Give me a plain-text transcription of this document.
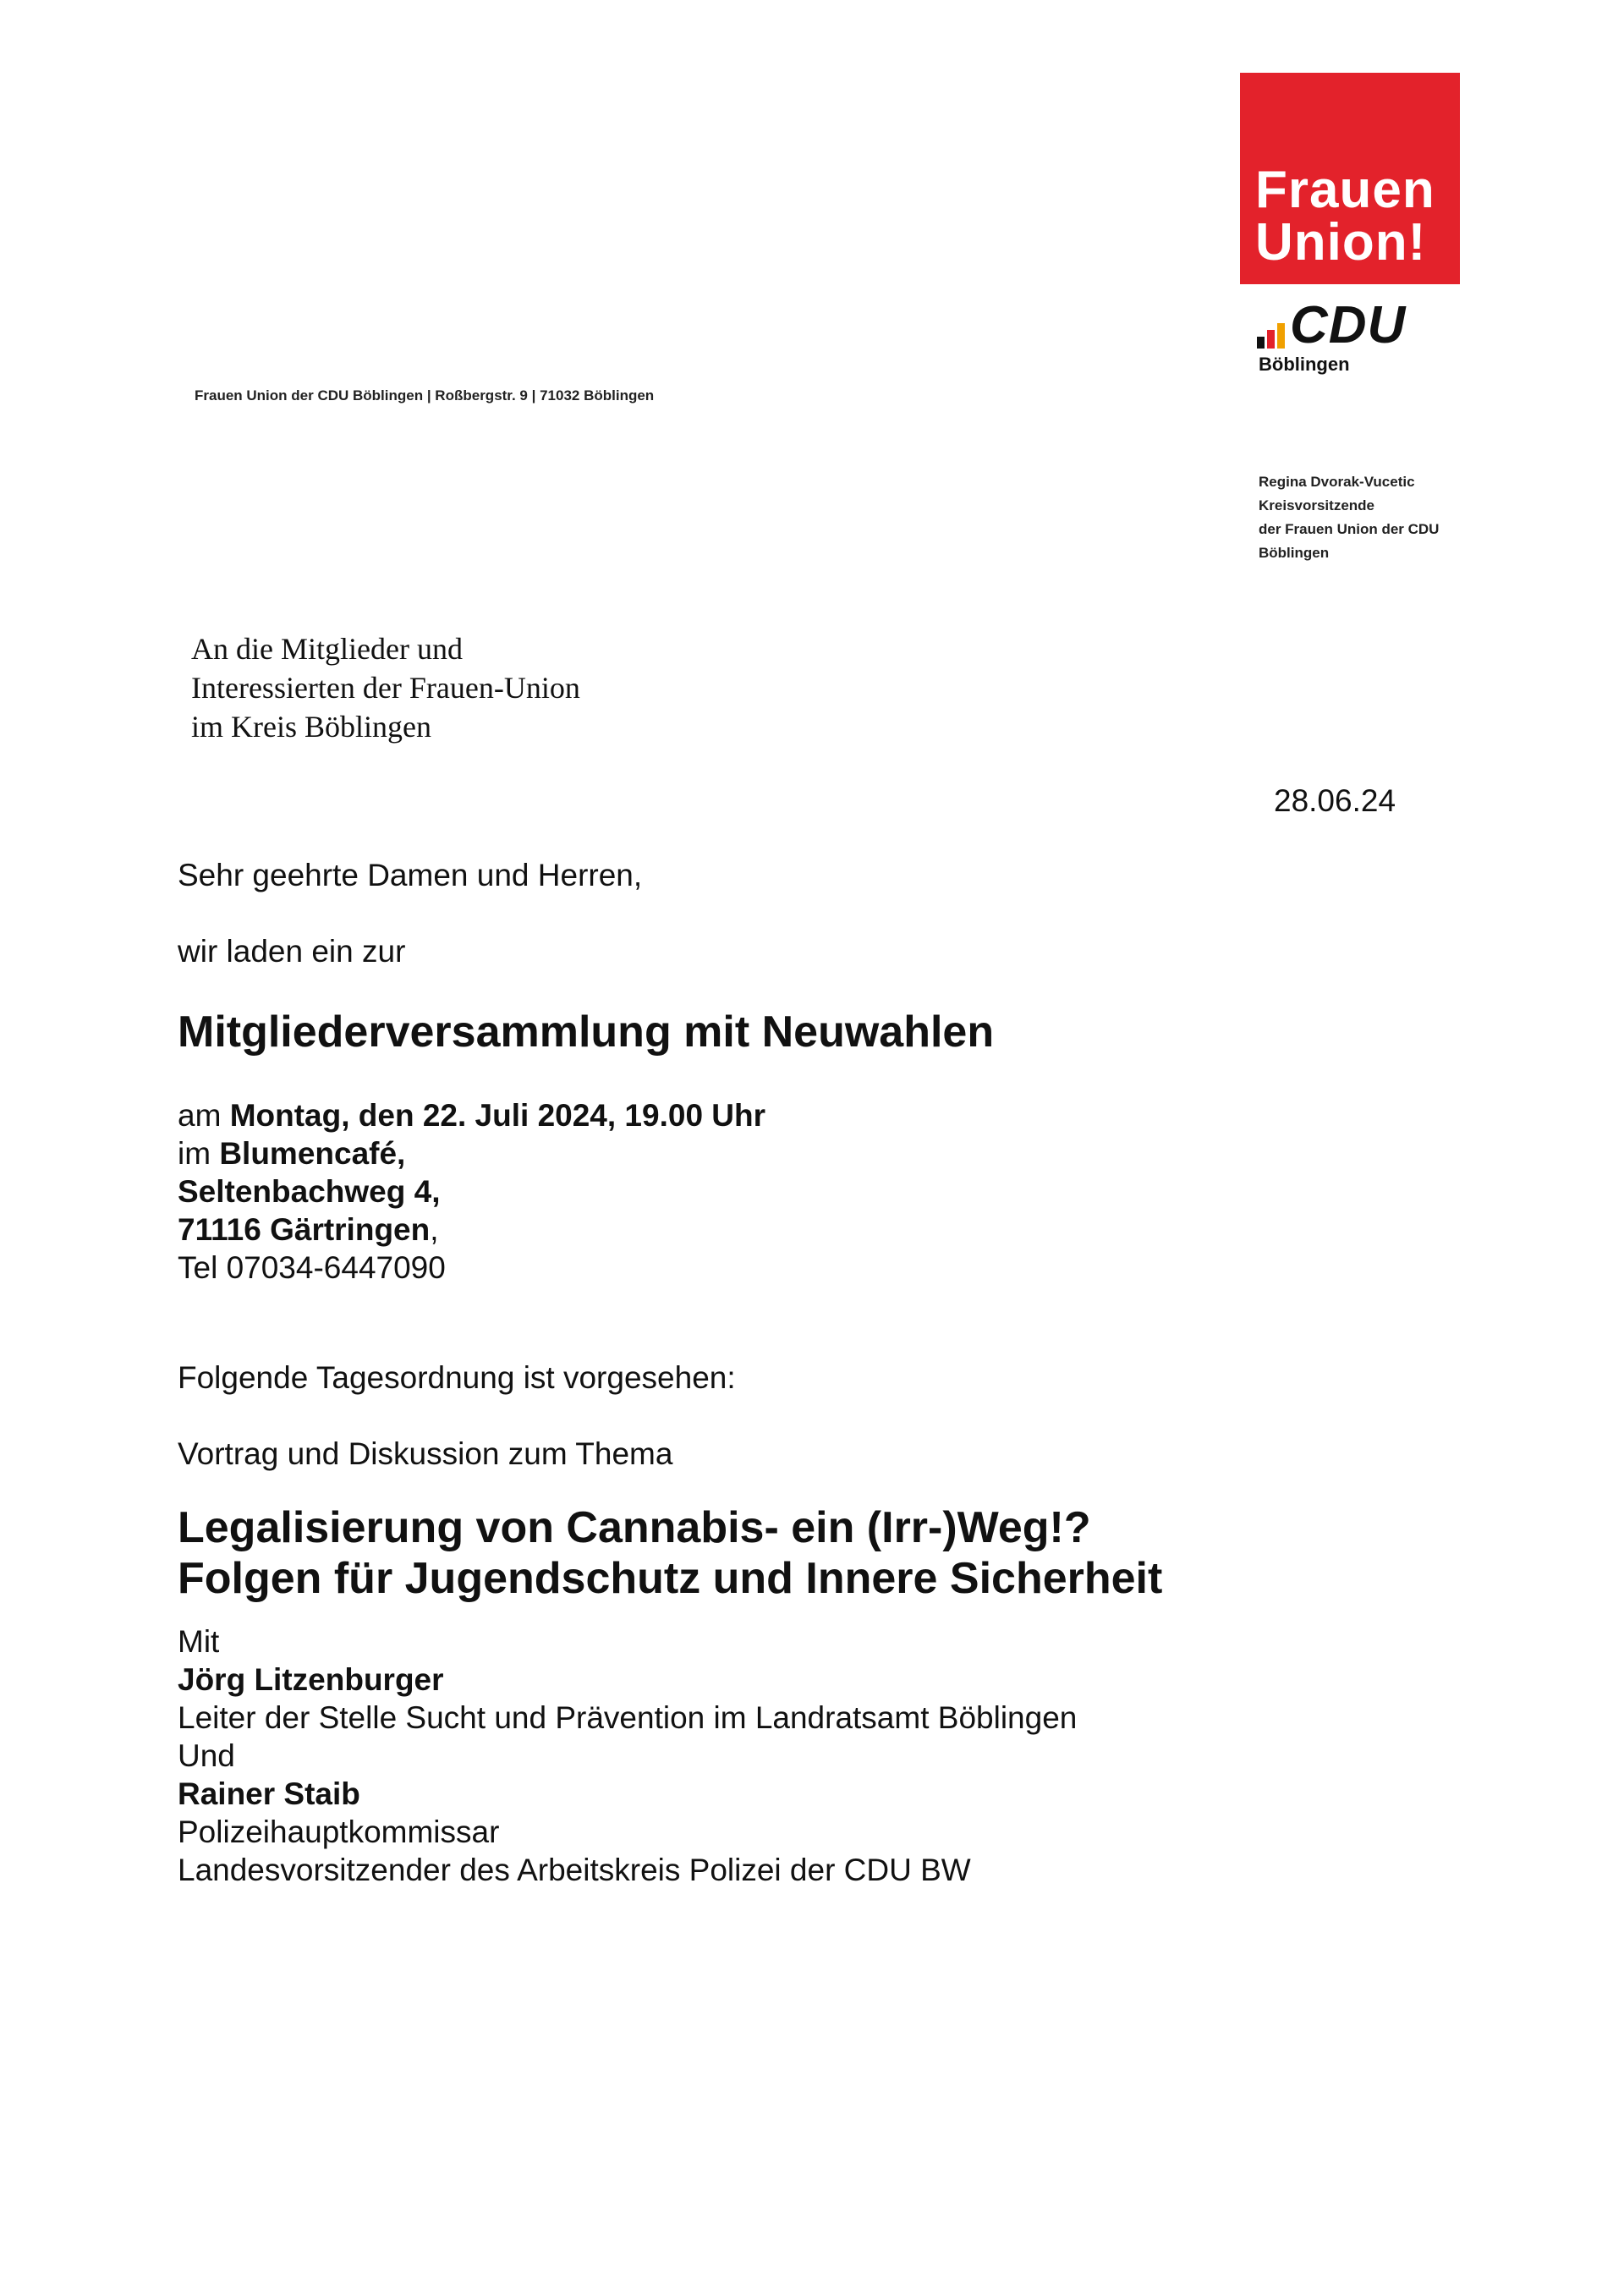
Frauen
Union!
CDU
Böblingen
Frauen Union der CDU Böblingen | Roßbergstr. 9 | 71032 Böblingen
Regina Dvorak-Vucetic
Kreisvorsitzende
der Frauen Union der CDU
Böblingen
An die Mitglieder und
Interessierten der Frauen-Union
im Kreis Böblingen
28.06.24
Sehr geehrte Damen und Herren,
wir laden ein zur
Mitgliederversammlung mit Neuwahlen
am Montag, den 22. Juli 2024, 19.00 Uhr
im Blumencafé,
Seltenbachweg 4,
71116 Gärtringen,
Tel 07034-6447090
Folgende Tagesordnung ist vorgesehen:
Vortrag und Diskussion zum Thema
Legalisierung von Cannabis- ein (Irr-)Weg!?
Folgen für Jugendschutz und Innere Sicherheit
Mit
Jörg Litzenburger
Leiter der Stelle Sucht und Prävention im Landratsamt Böblingen
Und
Rainer Staib
Polizeihauptkommissar
Landesvorsitzender des Arbeitskreis Polizei der CDU BW
